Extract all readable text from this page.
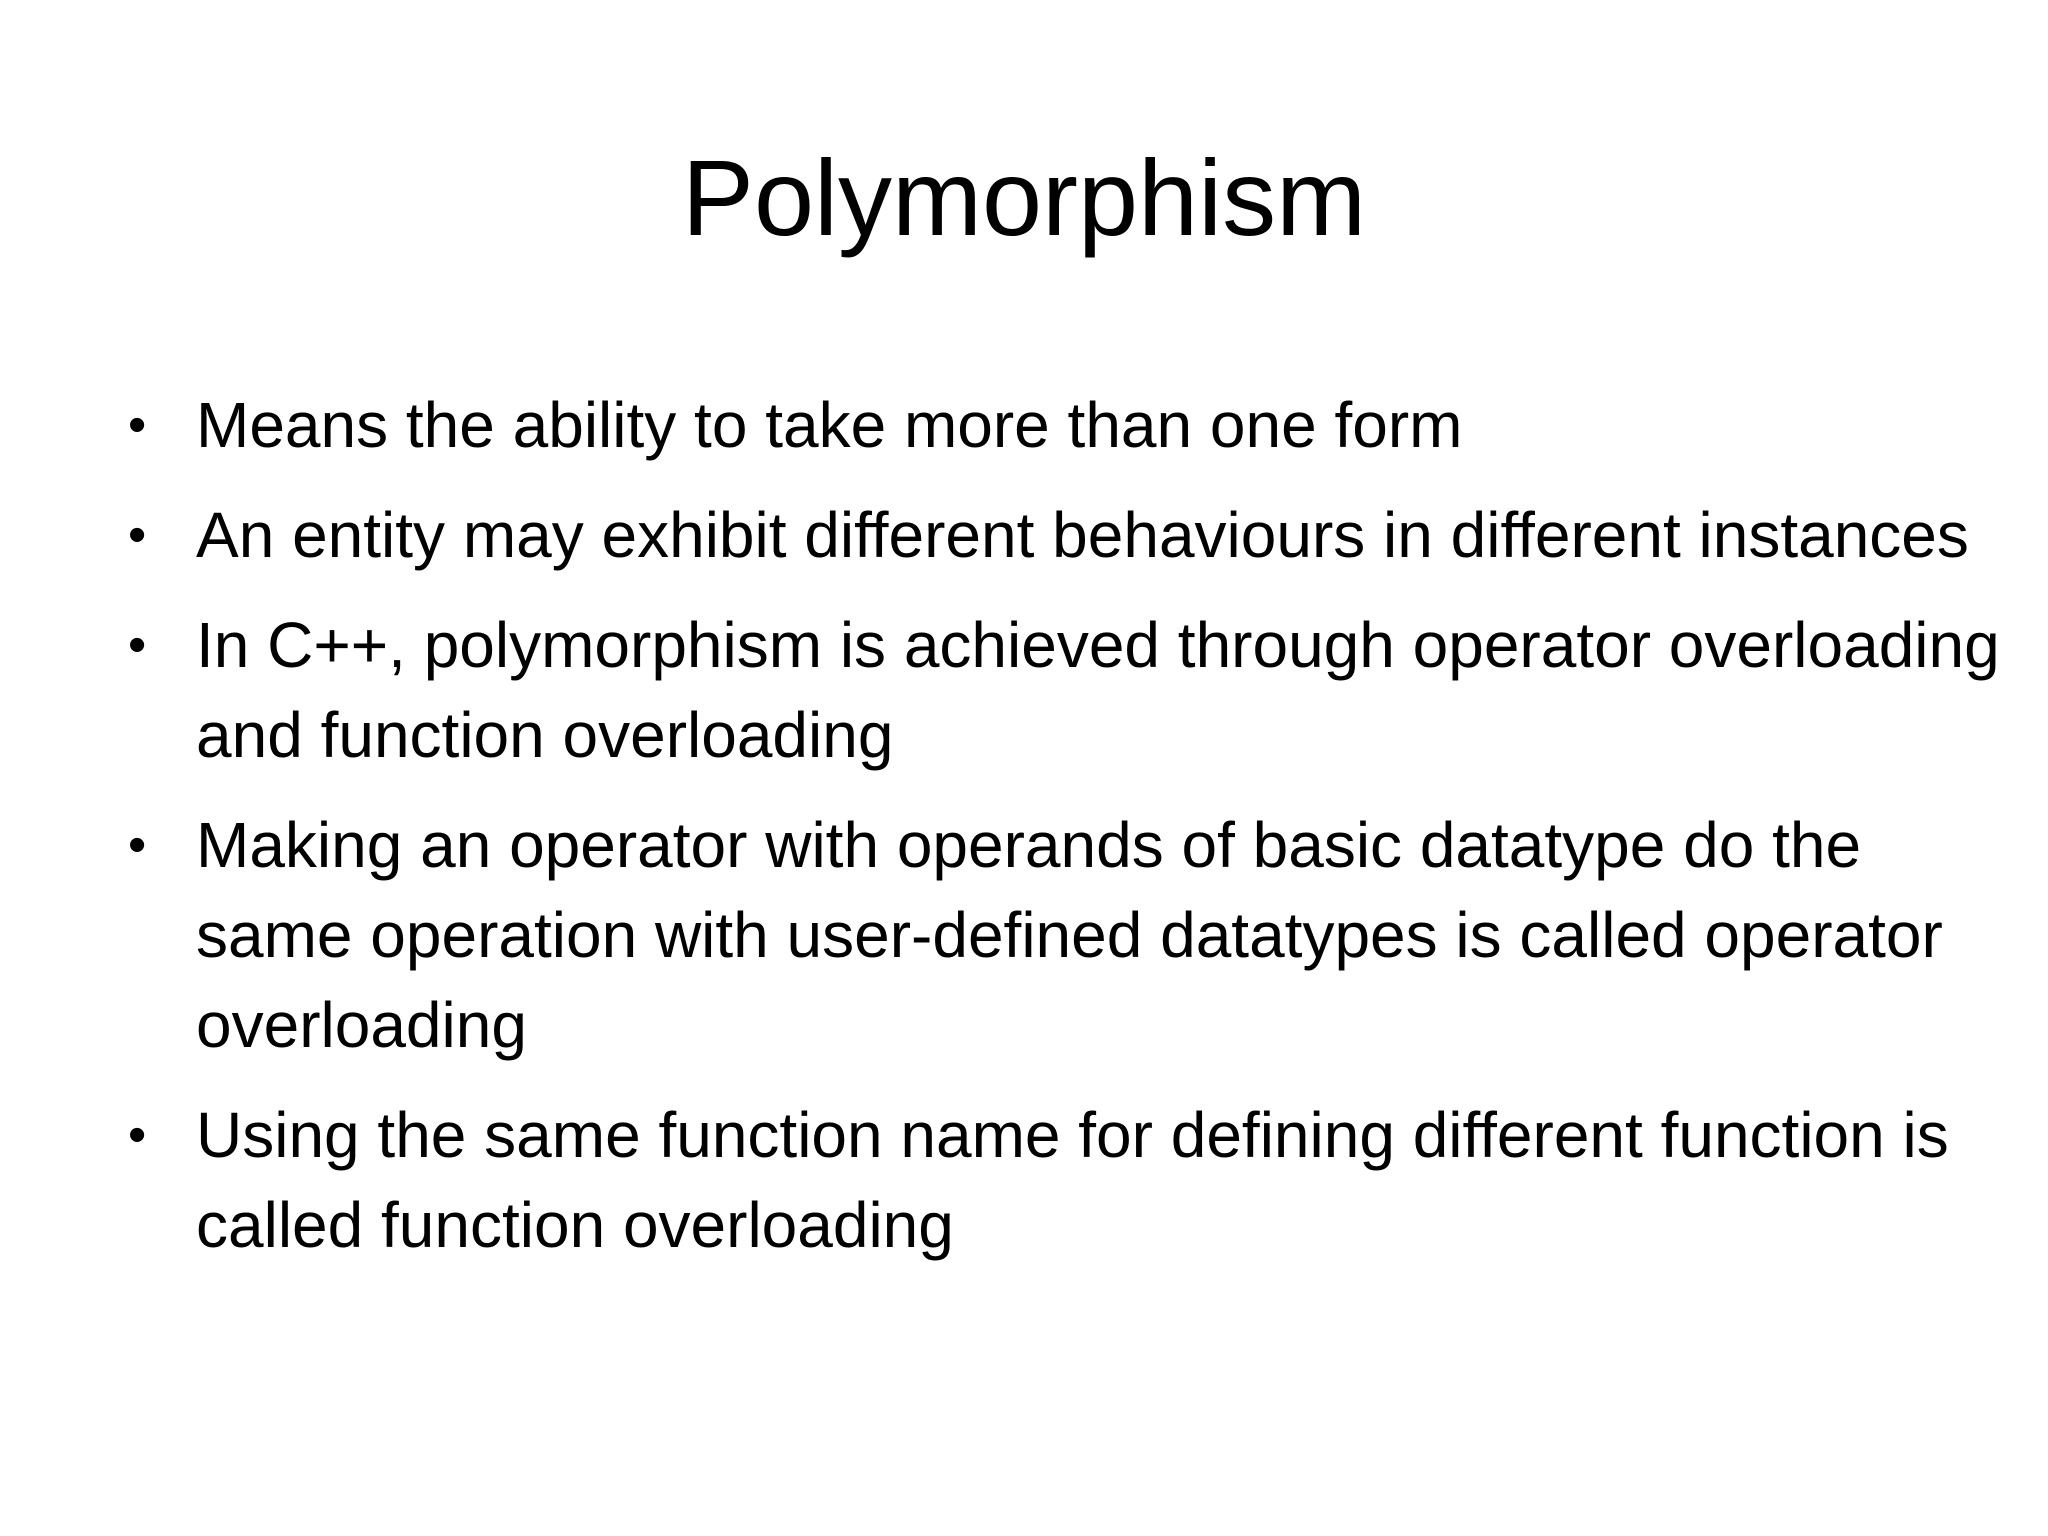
Polymorphism
• Means the ability to take more than one form
• An entity may exhibit different behaviours in different instances
• In C++, polymorphism is achieved through operator overloading and function overloading
• Making an operator with operands of basic datatype do the same operation with user-defined datatypes is called operator overloading
• Using the same function name for defining different function is called function overloading
